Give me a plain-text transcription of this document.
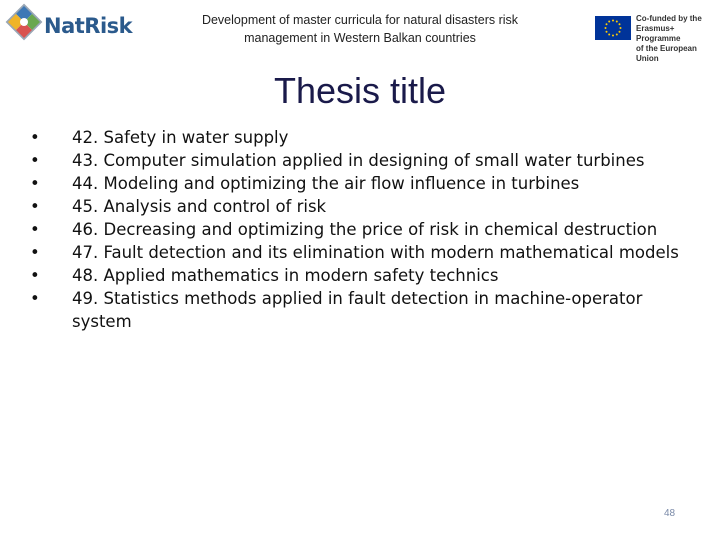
NatRisk	Development of master curricula for natural disasters risk
management in Western Balkan countries
Co-funded by the
Erasmus+ Programme
of the European Union
Thesis title
• 42. Safety in water supply
• 43. Computer simulation applied in designing of small water turbines
• 44. Modeling and optimizing the air flow influence in turbines
• 45. Analysis and control of risk
• 46. Decreasing and optimizing the price of risk in chemical destruction
• 47. Fault detection and its elimination with modern mathematical models
• 48. Applied mathematics in modern safety technics
• 49. Statistics methods applied in fault detection in machine-operator system
48
